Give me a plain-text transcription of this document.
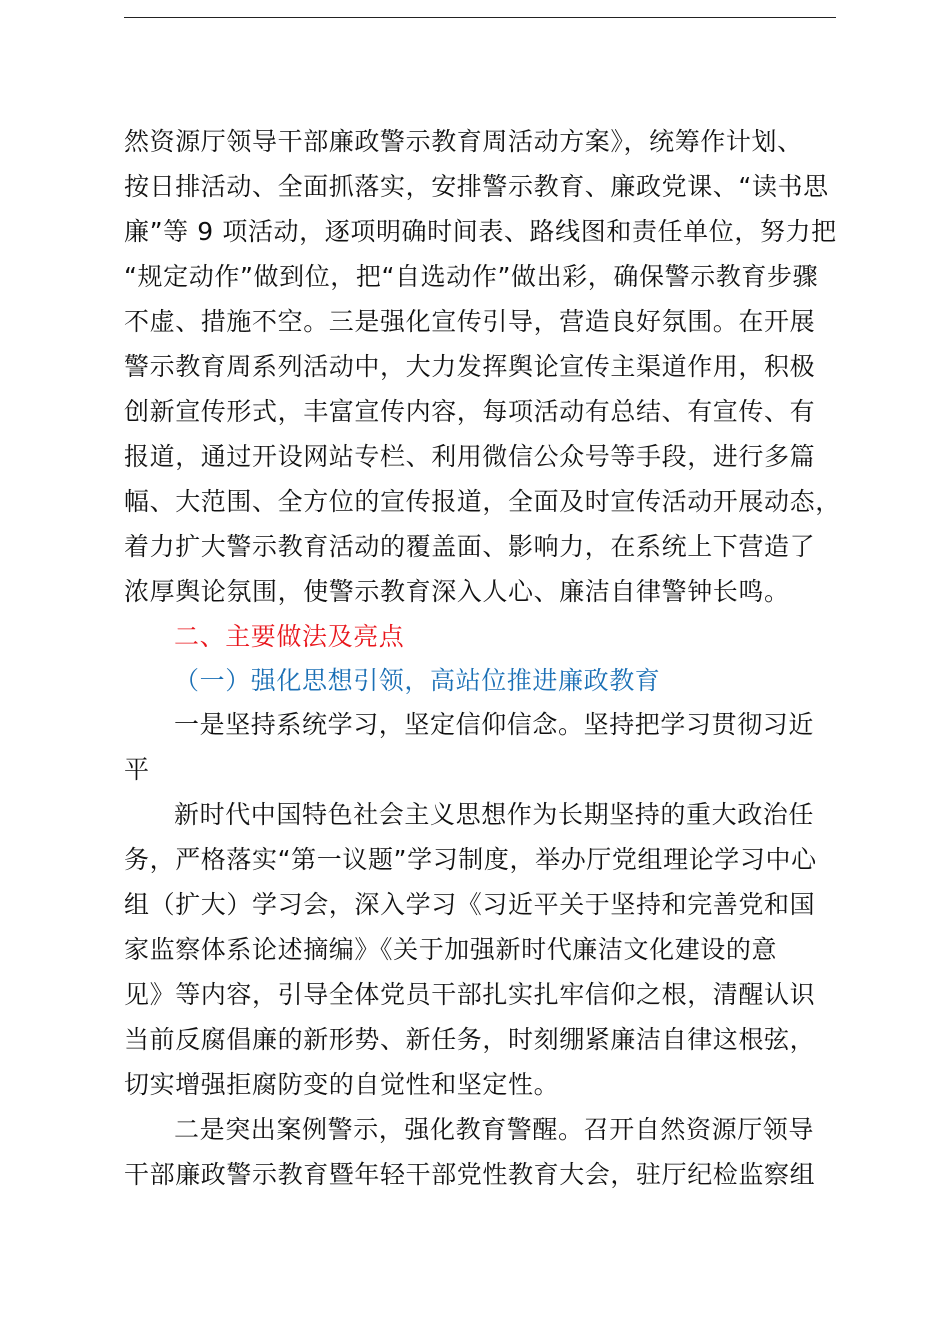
然资源厅领导干部廉政警示教育周活动方案》，统筹作计划、
按日排活动、全面抓落实，安排警示教育、廉政党课、“读书思
廉”等 9 项活动，逐项明确时间表、路线图和责任单位，努力把
“规定动作”做到位，把“自选动作”做出彩，确保警示教育步骤
不虚、措施不空。三是强化宣传引导，营造良好氛围。在开展
警示教育周系列活动中，大力发挥舆论宣传主渠道作用，积极
创新宣传形式，丰富宣传内容，每项活动有总结、有宣传、有
报道，通过开设网站专栏、利用微信公众号等手段，进行多篇
幅、大范围、全方位的宣传报道，全面及时宣传活动开展动态，
着力扩大警示教育活动的覆盖面、影响力，在系统上下营造了
浓厚舆论氛围，使警示教育深入人心、廉洁自律警钟长鸣。
二、主要做法及亮点
（一）强化思想引领，高站位推进廉政教育
一是坚持系统学习，坚定信仰信念。坚持把学习贯彻习近
平
新时代中国特色社会主义思想作为长期坚持的重大政治任
务，严格落实“第一议题”学习制度，举办厅党组理论学习中心
组（扩大）学习会，深入学习《习近平关于坚持和完善党和国
家监察体系论述摘编》《关于加强新时代廉洁文化建设的意
见》等内容，引导全体党员干部扎实扎牢信仰之根，清醒认识
当前反腐倡廉的新形势、新任务，时刻绷紧廉洁自律这根弦，
切实增强拒腐防变的自觉性和坚定性。
二是突出案例警示，强化教育警醒。召开自然资源厅领导
干部廉政警示教育暨年轻干部党性教育大会，驻厅纪检监察组
